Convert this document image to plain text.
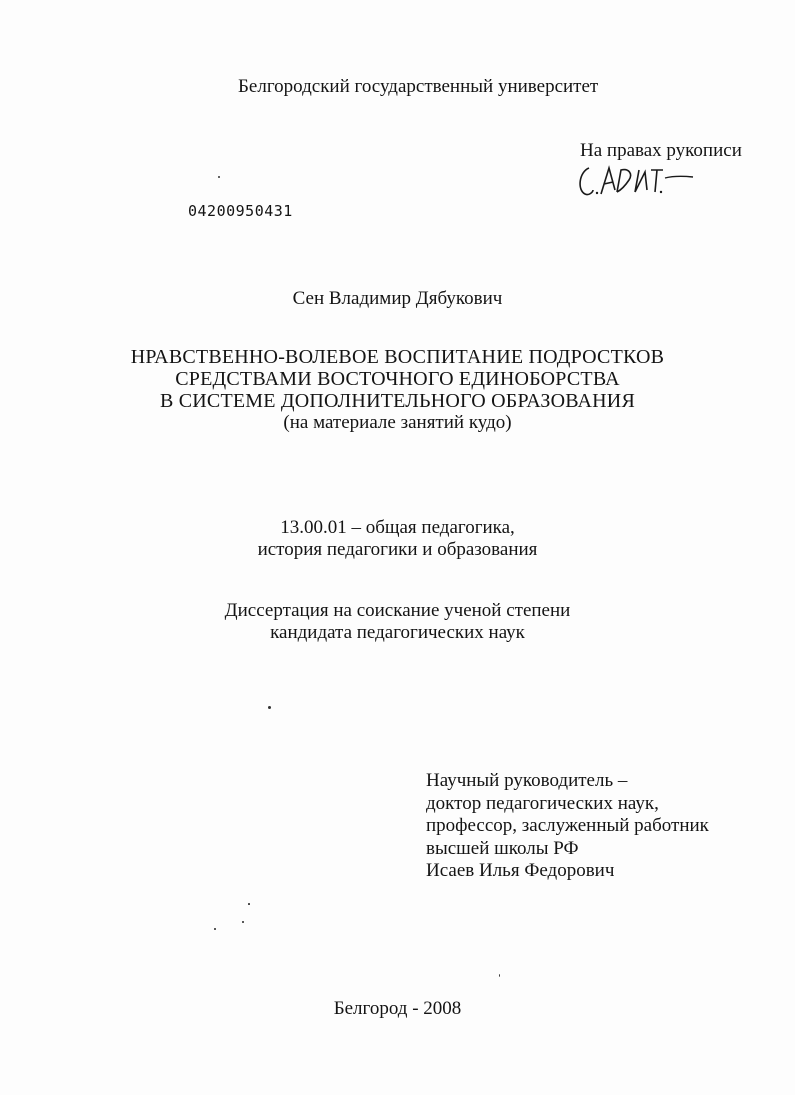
Белгородский государственный университет
На правах рукописи
04200950431
Сен Владимир Дябукович
НРАВСТВЕННО-ВОЛЕВОЕ ВОСПИТАНИЕ ПОДРОСТКОВ
СРЕДСТВАМИ ВОСТОЧНОГО ЕДИНОБОРСТВА
В СИСТЕМЕ ДОПОЛНИТЕЛЬНОГО ОБРАЗОВАНИЯ
(на материале занятий кудо)
13.00.01 – общая педагогика,
история педагогики и образования
Диссертация на соискание ученой степени
кандидата педагогических наук
Научный руководитель –
доктор педагогических наук,
профессор, заслуженный работник
высшей школы РФ
Исаев Илья Федорович
Белгород - 2008
